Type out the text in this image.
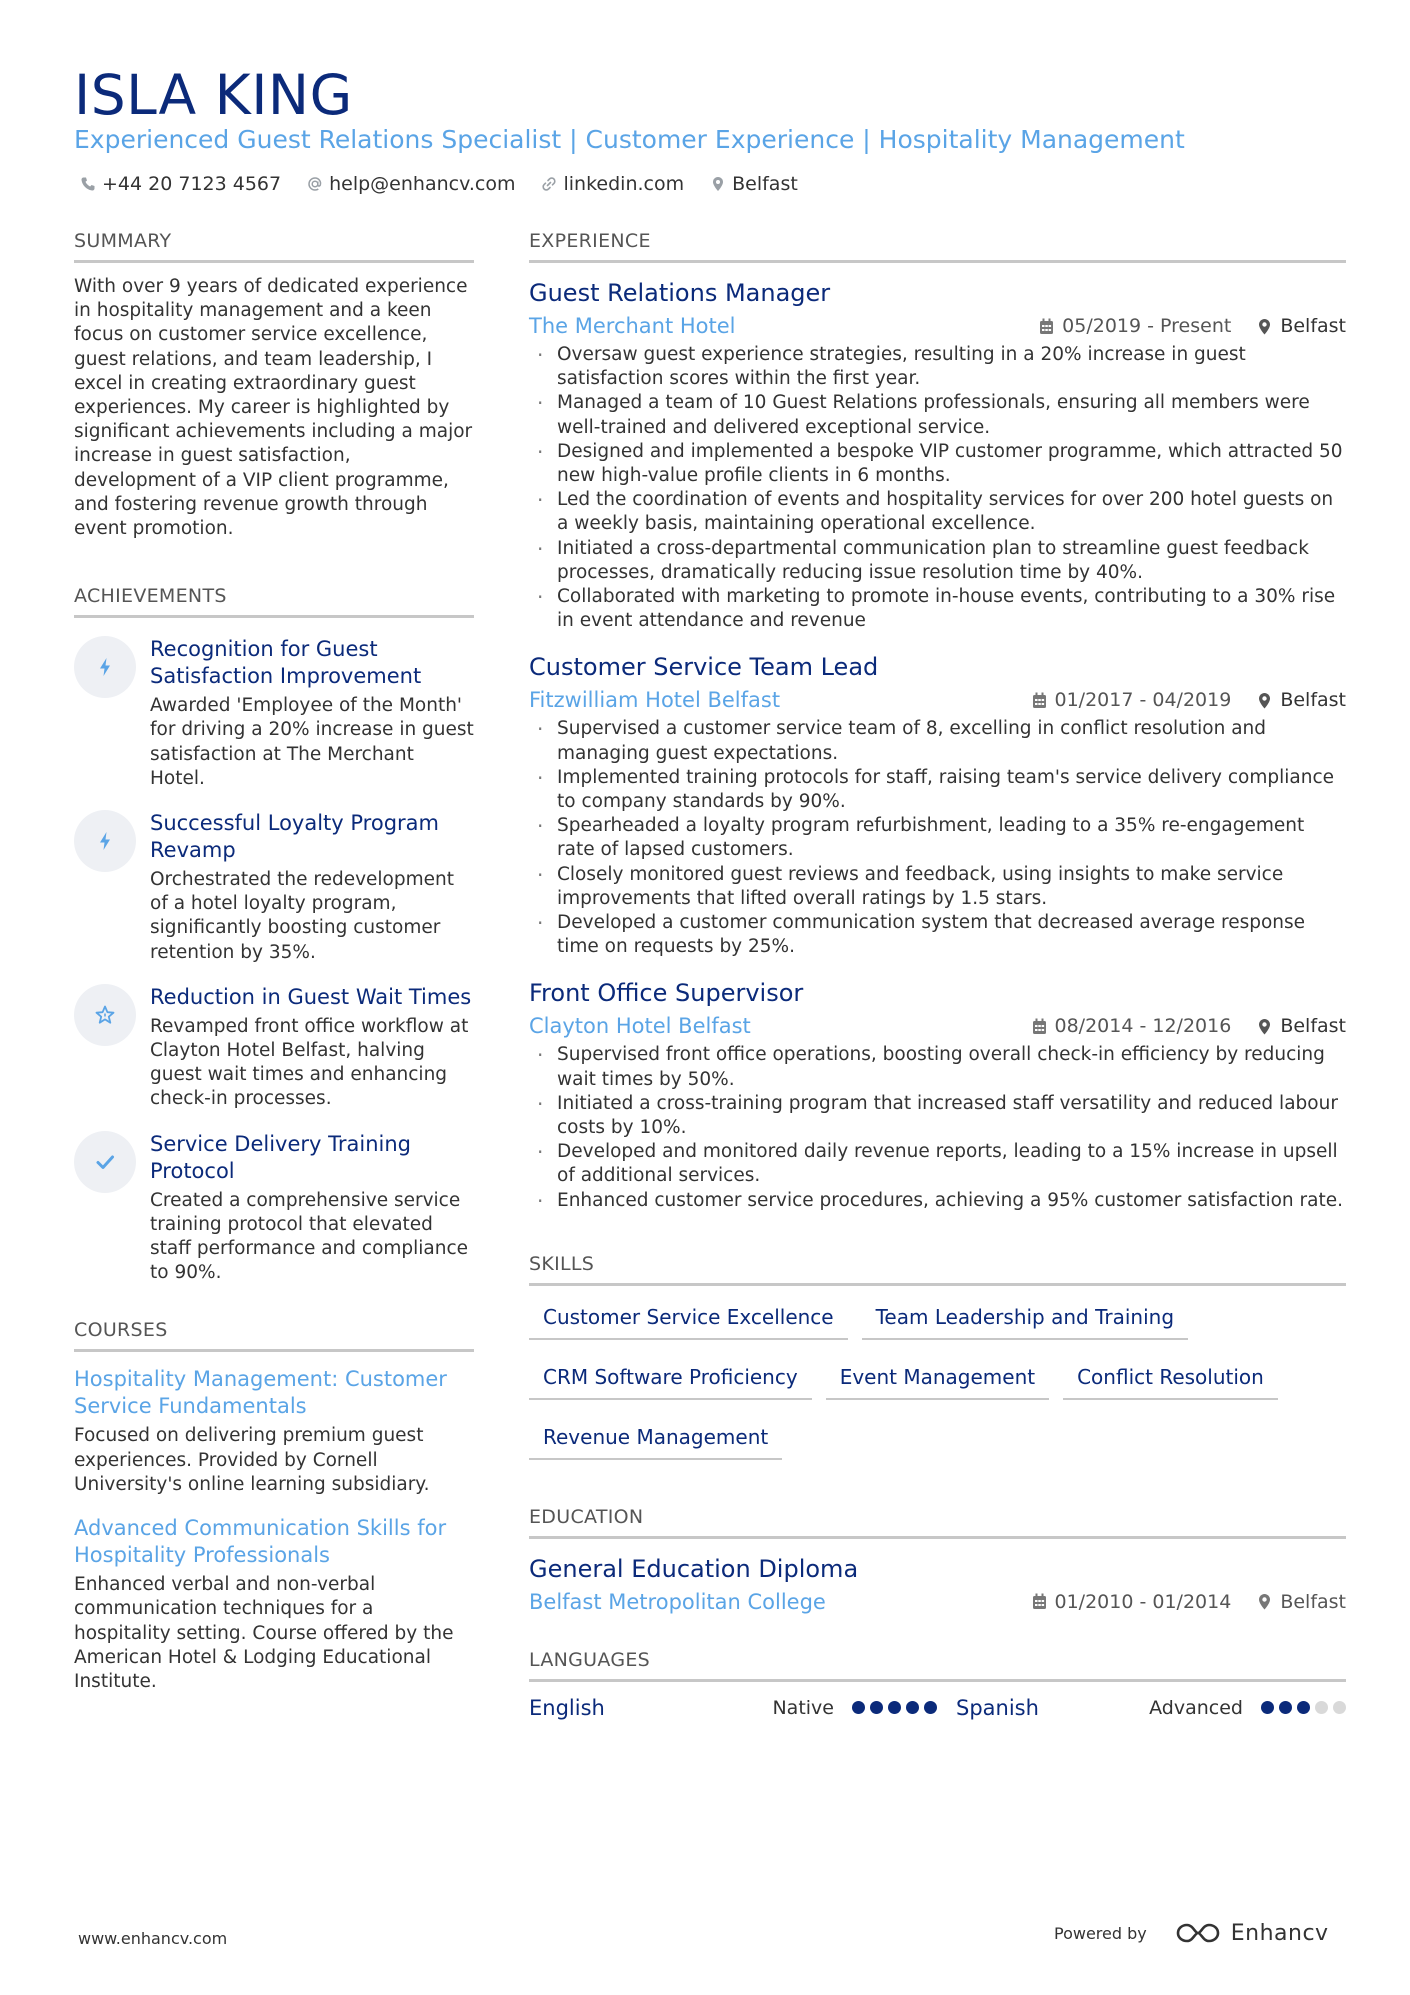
ISLA KING
Experienced Guest Relations Specialist | Customer Experience | Hospitality Management
+44 20 7123 4567	help@enhancv.com	linkedin.com	Belfast
SUMMARY
With over 9 years of dedicated experience in hospitality management and a keen focus on customer service excellence, guest relations, and team leadership, I excel in creating extraordinary guest experiences. My career is highlighted by significant achievements including a major increase in guest satisfaction, development of a VIP client programme, and fostering revenue growth through event promotion.
ACHIEVEMENTS
Recognition for Guest Satisfaction Improvement
Awarded 'Employee of the Month' for driving a 20% increase in guest satisfaction at The Merchant Hotel.
Successful Loyalty Program Revamp
Orchestrated the redevelopment of a hotel loyalty program, significantly boosting customer retention by 35%.
Reduction in Guest Wait Times
Revamped front office workflow at Clayton Hotel Belfast, halving guest wait times and enhancing check-in processes.
Service Delivery Training Protocol
Created a comprehensive service training protocol that elevated staff performance and compliance to 90%.
COURSES
Hospitality Management: Customer Service Fundamentals
Focused on delivering premium guest experiences. Provided by Cornell University's online learning subsidiary.
Advanced Communication Skills for Hospitality Professionals
Enhanced verbal and non-verbal communication techniques for a hospitality setting. Course offered by the American Hotel & Lodging Educational Institute.
EXPERIENCE
Guest Relations Manager
The Merchant Hotel	05/2019 - Present	Belfast
· Oversaw guest experience strategies, resulting in a 20% increase in guest satisfaction scores within the first year.
· Managed a team of 10 Guest Relations professionals, ensuring all members were well-trained and delivered exceptional service.
· Designed and implemented a bespoke VIP customer programme, which attracted 50 new high-value profile clients in 6 months.
· Led the coordination of events and hospitality services for over 200 hotel guests on a weekly basis, maintaining operational excellence.
· Initiated a cross-departmental communication plan to streamline guest feedback processes, dramatically reducing issue resolution time by 40%.
· Collaborated with marketing to promote in-house events, contributing to a 30% rise in event attendance and revenue
Customer Service Team Lead
Fitzwilliam Hotel Belfast	01/2017 - 04/2019	Belfast
· Supervised a customer service team of 8, excelling in conflict resolution and managing guest expectations.
· Implemented training protocols for staff, raising team's service delivery compliance to company standards by 90%.
· Spearheaded a loyalty program refurbishment, leading to a 35% re-engagement rate of lapsed customers.
· Closely monitored guest reviews and feedback, using insights to make service improvements that lifted overall ratings by 1.5 stars.
· Developed a customer communication system that decreased average response time on requests by 25%.
Front Office Supervisor
Clayton Hotel Belfast	08/2014 - 12/2016	Belfast
· Supervised front office operations, boosting overall check-in efficiency by reducing wait times by 50%.
· Initiated a cross-training program that increased staff versatility and reduced labour costs by 10%.
· Developed and monitored daily revenue reports, leading to a 15% increase in upsell of additional services.
· Enhanced customer service procedures, achieving a 95% customer satisfaction rate.
SKILLS
Customer Service Excellence	Team Leadership and Training
CRM Software Proficiency	Event Management	Conflict Resolution
Revenue Management
EDUCATION
General Education Diploma
Belfast Metropolitan College	01/2010 - 01/2014	Belfast
LANGUAGES
English	Native	Spanish	Advanced
www.enhancv.com	Powered by	Enhancv
